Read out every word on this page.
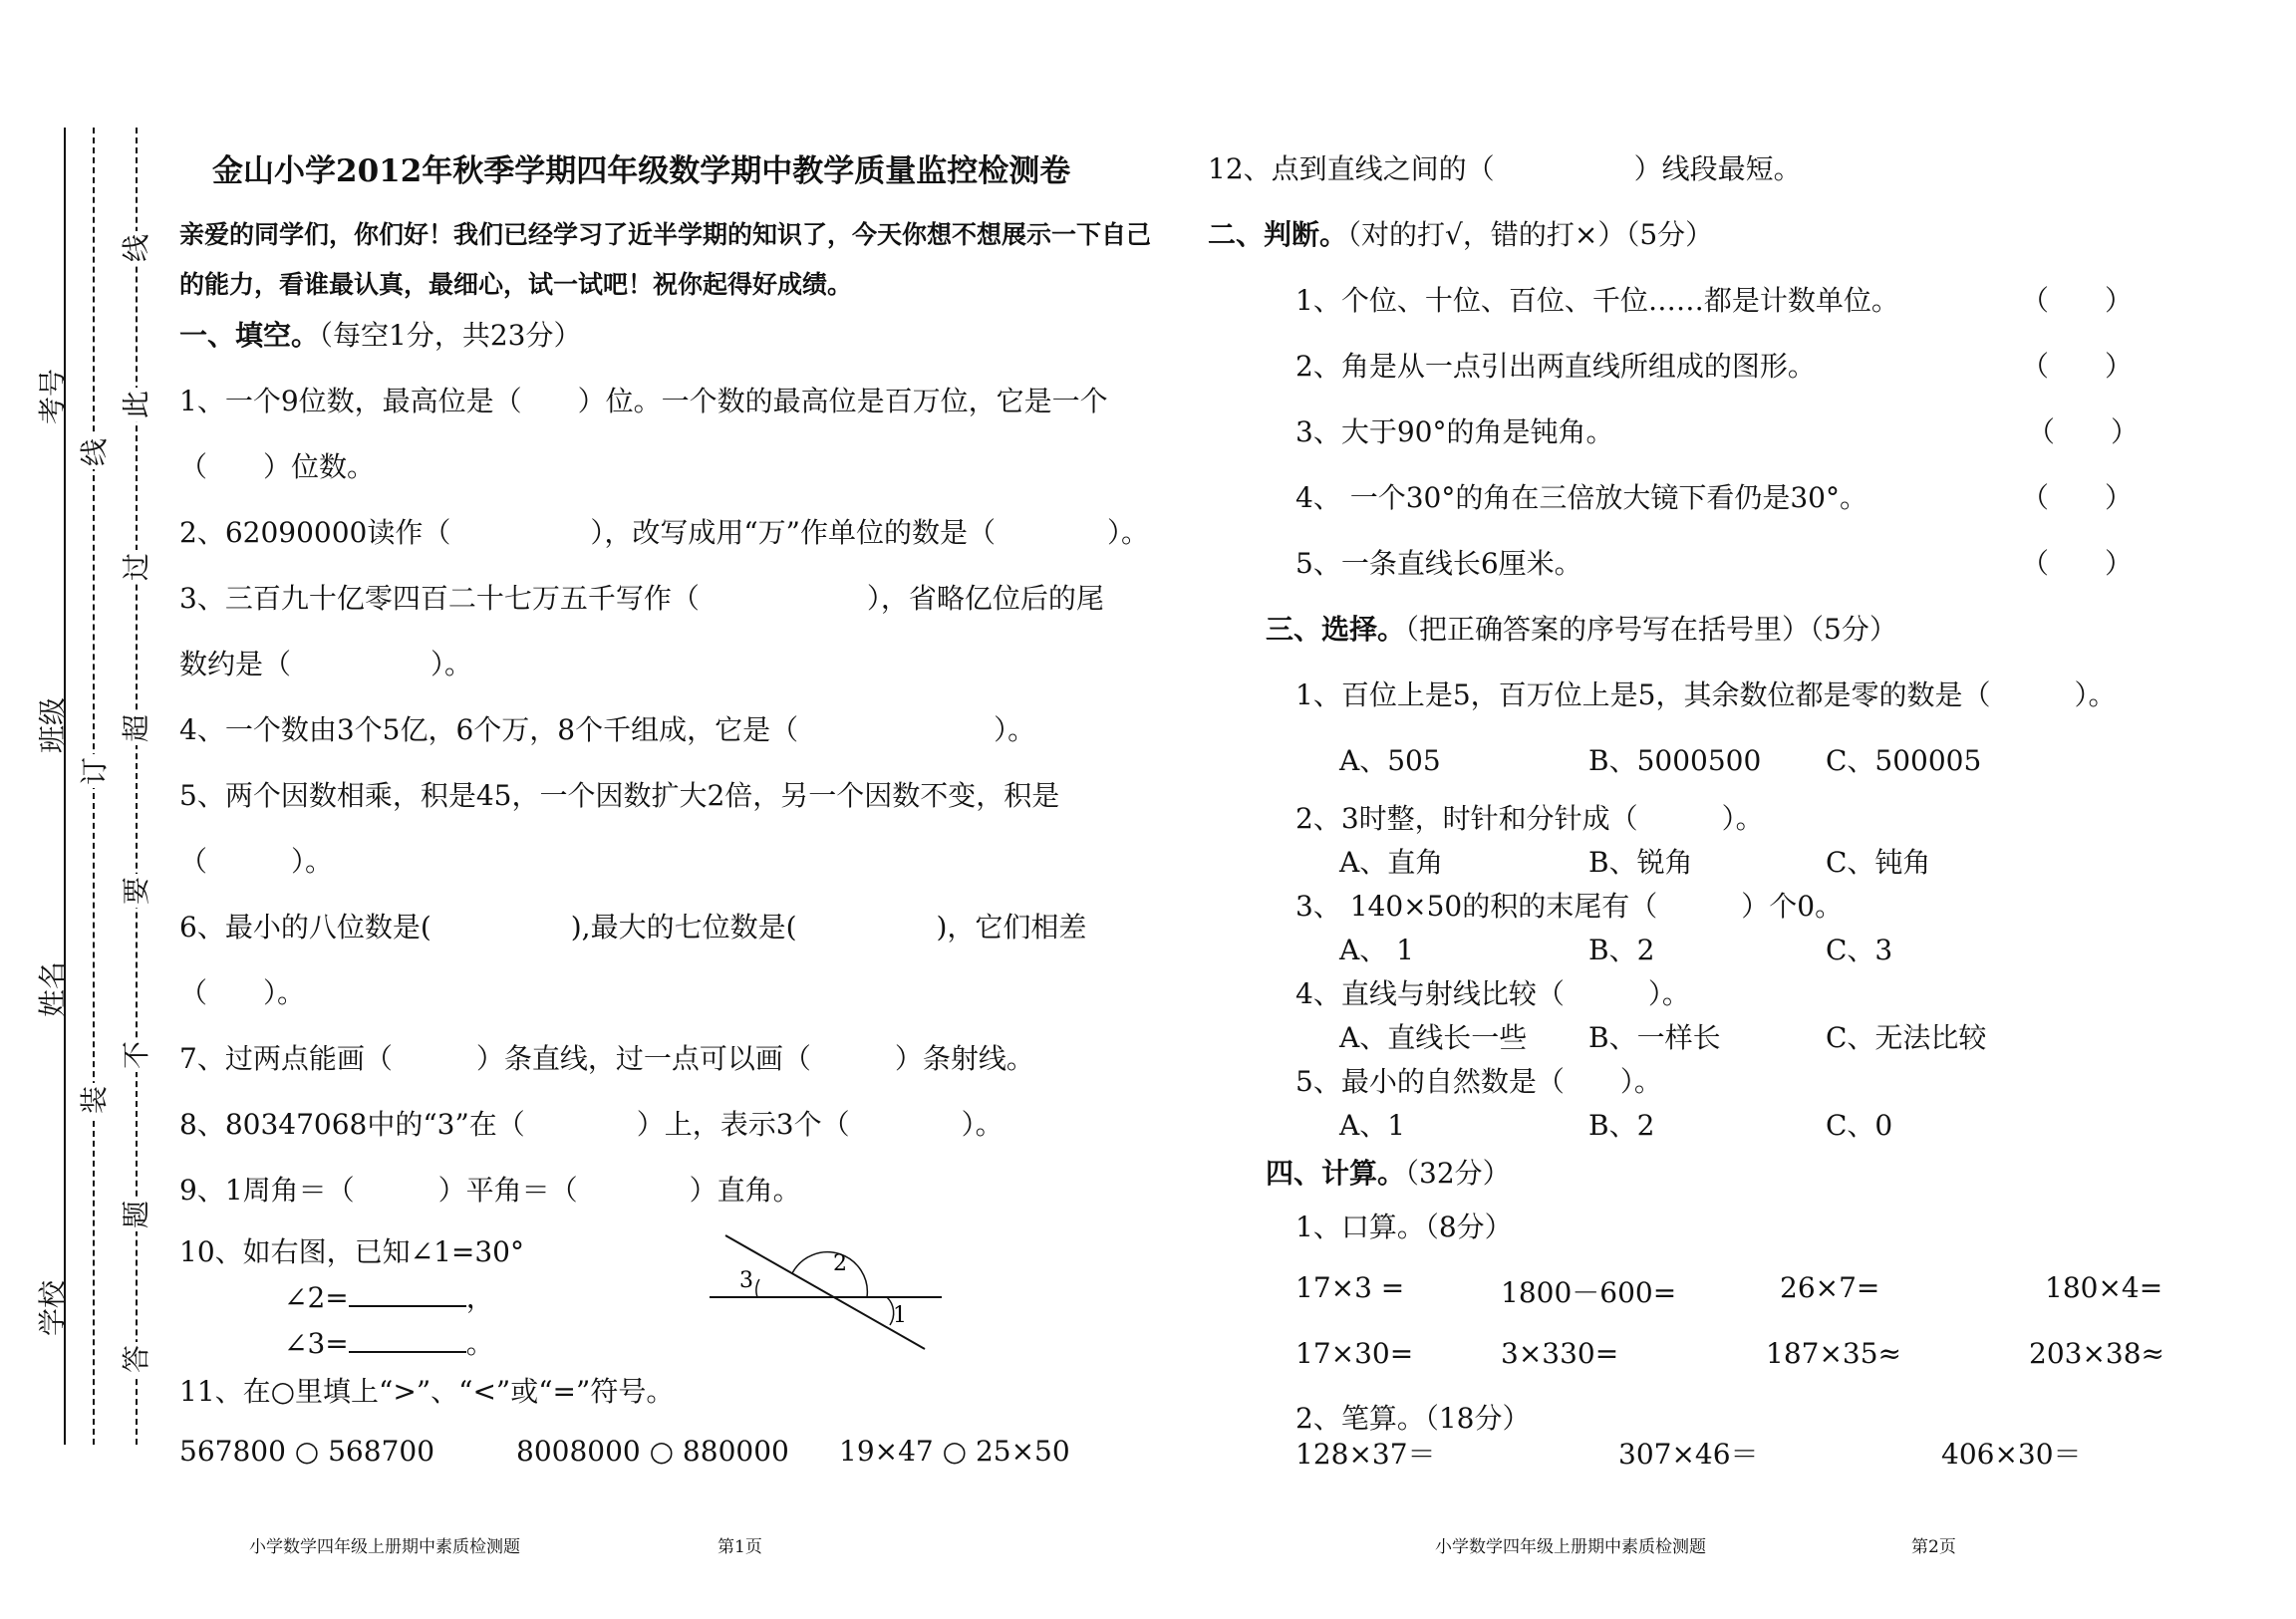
考号
班级
姓名
学校
线
订
装
线
此
过
超
要
不
题
答
金山小学2012年秋季学期四年级数学期中教学质量监控检测卷
亲爱的同学们，你们好！我们已经学习了近半学期的知识了，今天你想不想展示一下自己
的能力，看谁最认真，最细心，试一试吧！祝你起得好成绩。
一、填空。（每空1分，共23分）
1、一个9位数，最高位是（　　）位。一个数的最高位是百万位，它是一个
（　　）位数。
2、62090000读作（　　　　　），改写成用“万”作单位的数是（　　　　）。
3、三百九十亿零四百二十七万五千写作（　　　　　　），省略亿位后的尾
数约是（　　　　　）。
4、一个数由3个5亿，6个万，8个千组成，它是（　　　　　　　）。
5、两个因数相乘，积是45，一个因数扩大2倍，另一个因数不变，积是
（　　　）。
6、最小的八位数是(　　　　　),最大的七位数是(　　　　　)，它们相差
（　　）。
7、过两点能画（　　　）条直线，过一点可以画（　　　）条射线。
8、80347068中的“3”在（　　　　）上，表示3个（　　　　）。
9、1周角＝（　　　）平角＝（　　　　）直角。
10、如右图，已知∠1=30°
∠2=	，
∠3=	。
1
2
3
11、在○里填上“>”、“<”或“=”符号。
567800 ○ 568700	8008000 ○ 880000 19×47 ○ 25×50
小学数学四年级上册期中素质检测题	第1页
12、点到直线之间的（　　　　　）线段最短。
二、判断。（对的打√，错的打×）（5分）
1、个位、十位、百位、千位……都是计数单位。	（　　）
2、角是从一点引出两直线所组成的图形。	（　　）
3、大于90°的角是钝角。	（　　）
4、 一个30°的角在三倍放大镜下看仍是30°。	（　　）
5、一条直线长6厘米。	（　　）
三、选择。（把正确答案的序号写在括号里）（5分）
1、百位上是5，百万位上是5，其余数位都是零的数是（　　　）。
A、505	B、5000500 C、500005
2、3时整，时针和分针成（　　　）。
A、直角	B、锐角	C、钝角
3、 140×50的积的末尾有（　　　）个0。
A、 1	B、2	C、3
4、直线与射线比较（　　　）。
A、直线长一些 B、一样长	C、无法比较
5、最小的自然数是（　　）。
A、1	B、2	C、0
四、计算。（32分）
1、口算。（8分）
17×3 =	1800－600=	26×7=	180×4=
17×30=	3×330=	187×35≈	203×38≈
2、笔算。（18分）
128×37＝	307×46＝	406×30＝
小学数学四年级上册期中素质检测题	第2页
